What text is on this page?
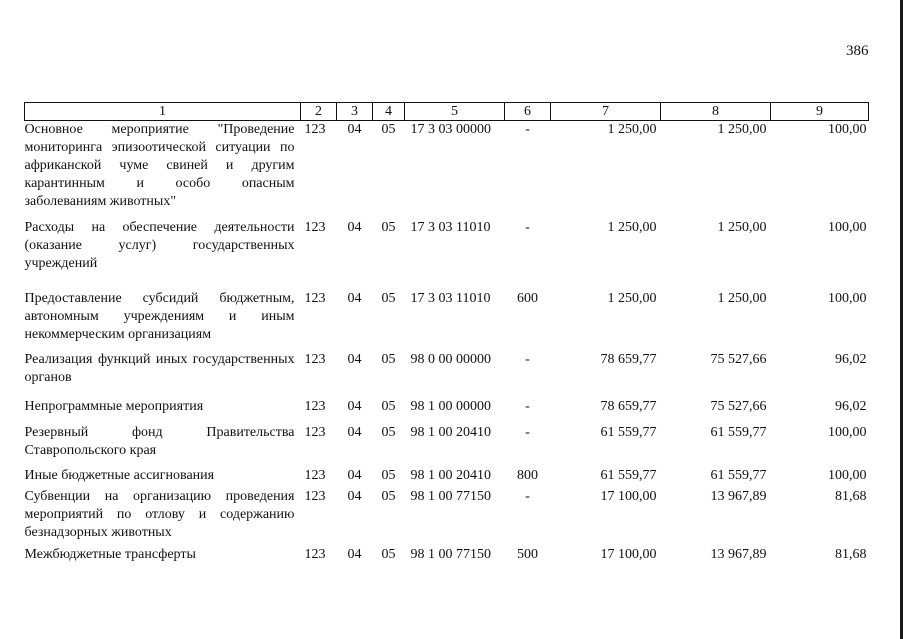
386
1	2	3	4	5	6	7	8	9
Основное мероприятие "Проведение мониторинга эпизоотической ситуации по африканской чуме свиней и другим карантинным и особо опасным заболеваниям животных"	123	04	05	17 3 03 00000	-	1 250,00	1 250,00	100,00
Расходы на обеспечение деятельности (оказание услуг) государственных учреждений	123	04	05	17 3 03 11010	-	1 250,00	1 250,00	100,00
Предоставление субсидий бюджетным, автономным учреждениям и иным некоммерческим организациям	123	04	05	17 3 03 11010	600	1 250,00	1 250,00	100,00
Реализация функций иных государственных органов	123	04	05	98 0 00 00000	-	78 659,77	75 527,66	96,02
Непрограммные мероприятия	123	04	05	98 1 00 00000	-	78 659,77	75 527,66	96,02
Резервный фонд Правительства Ставропольского края	123	04	05	98 1 00 20410	-	61 559,77	61 559,77	100,00
Иные бюджетные ассигнования	123	04	05	98 1 00 20410	800	61 559,77	61 559,77	100,00
Субвенции на организацию проведения мероприятий по отлову и содержанию безнадзорных животных	123	04	05	98 1 00 77150	-	17 100,00	13 967,89	81,68
Межбюджетные трансферты	123	04	05	98 1 00 77150	500	17 100,00	13 967,89	81,68
